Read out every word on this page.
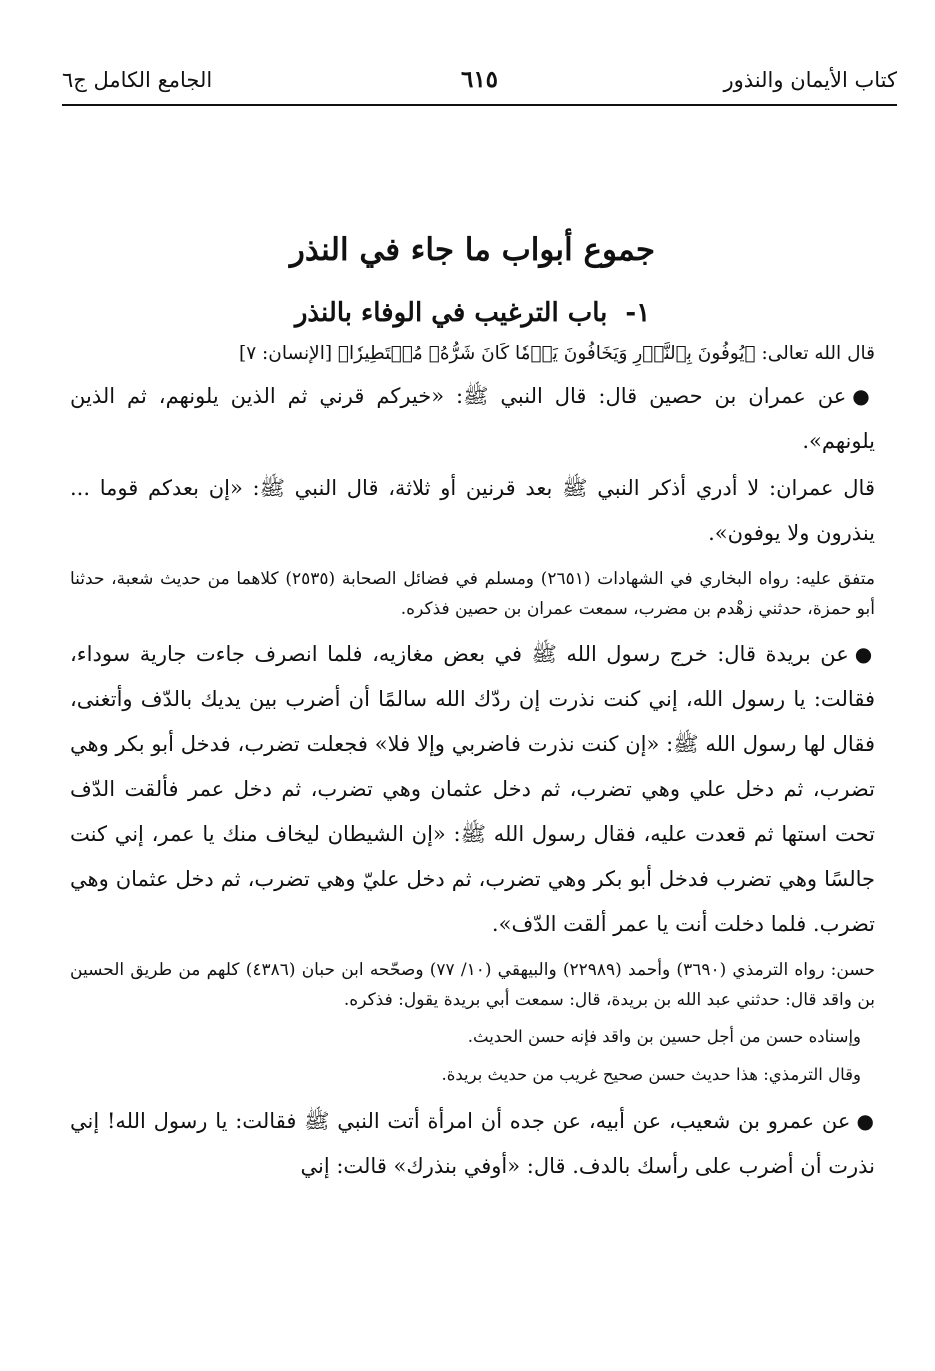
كتاب الأيمان والنذور
٦١٥
الجامع الكامل ج٦
جموع أبواب ما جاء في النذر
١-باب الترغيب في الوفاء بالنذر

قال الله تعالى: ﴿يُوفُونَ بِٱلنَّذۡرِ وَيَخَافُونَ يَوۡمٗا كَانَ شَرُّهُۥ مُسۡتَطِيرٗا﴾ [الإنسان: ٧]

●عن عمران بن حصين قال: قال النبي ﷺ: «خيركم قرني ثم الذين يلونهم، ثم الذين يلونهم».

قال عمران: لا أدري أذكر النبي ﷺ بعد قرنين أو ثلاثة، قال النبي ﷺ: «إن بعدكم قوما ... ينذرون ولا يوفون».

متفق عليه: رواه البخاري في الشهادات (٢٦٥١) ومسلم في فضائل الصحابة (٢٥٣٥) كلاهما من حديث شعبة، حدثنا أبو حمزة، حدثني زهْدم بن مضرب، سمعت عمران بن حصين فذكره.

●عن بريدة قال: خرج رسول الله ﷺ في بعض مغازيه، فلما انصرف جاءت جارية سوداء، فقالت: يا رسول الله، إني كنت نذرت إن ردّك الله سالمًا أن أضرب بين يديك بالدّف وأتغنى، فقال لها رسول الله ﷺ: «إن كنت نذرت فاضربي وإلا فلا» فجعلت تضرب، فدخل أبو بكر وهي تضرب، ثم دخل علي وهي تضرب، ثم دخل عثمان وهي تضرب، ثم دخل عمر فألقت الدّف تحت استها ثم قعدت عليه، فقال رسول الله ﷺ: «إن الشيطان ليخاف منك يا عمر، إني كنت جالسًا وهي تضرب فدخل أبو بكر وهي تضرب، ثم دخل عليّ وهي تضرب، ثم دخل عثمان وهي تضرب. فلما دخلت أنت يا عمر ألقت الدّف».

حسن: رواه الترمذي (٣٦٩٠) وأحمد (٢٢٩٨٩) والبيهقي (١٠/ ٧٧) وصحّحه ابن حبان (٤٣٨٦) كلهم من طريق الحسين بن واقد قال: حدثني عبد الله بن بريدة، قال: سمعت أبي بريدة يقول: فذكره.

وإسناده حسن من أجل حسين بن واقد فإنه حسن الحديث.

وقال الترمذي: هذا حديث حسن صحيح غريب من حديث بريدة.

●عن عمرو بن شعيب، عن أبيه، عن جده أن امرأة أتت النبي ﷺ فقالت: يا رسول الله! إني نذرت أن أضرب على رأسك بالدف. قال: «أوفي بنذرك» قالت: إني
